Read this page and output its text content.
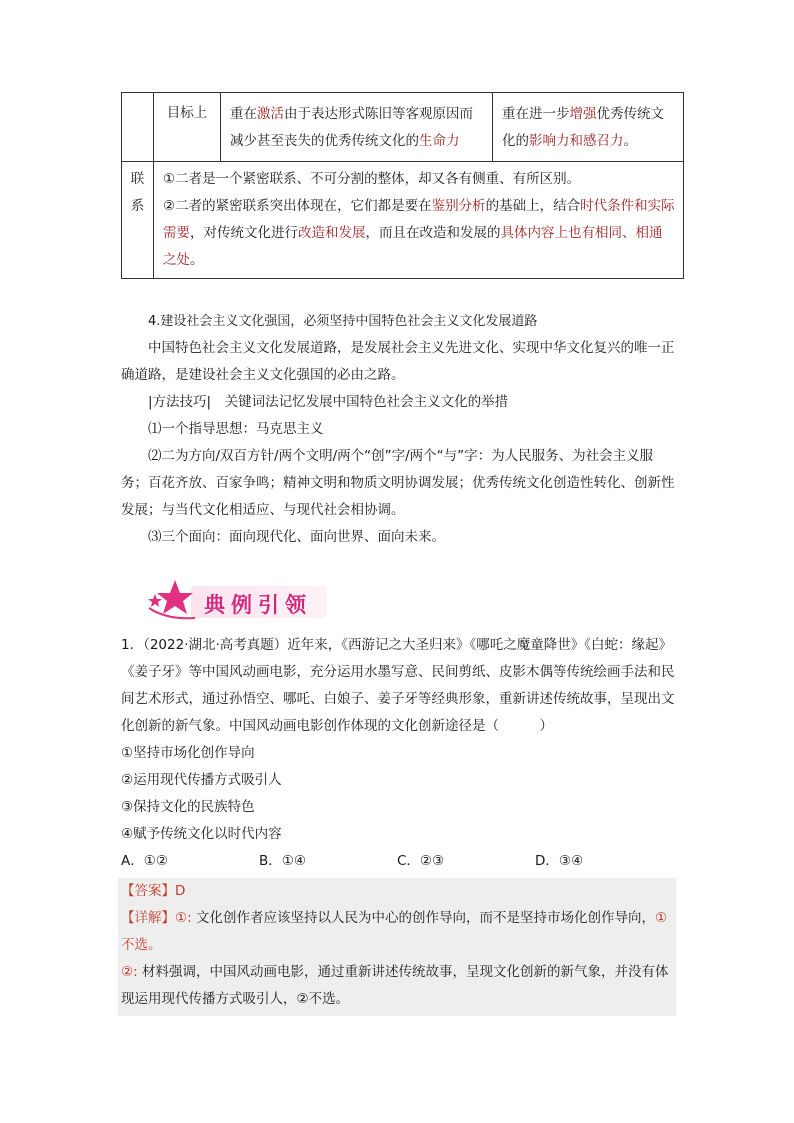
	目标上	重在激活由于表达形式陈旧等客观原因而减少甚至丧失的优秀传统文化的生命力	重在进一步增强优秀传统文化的影响力和感召力。

联系	①二者是一个紧密联系、不可分割的整体，却又各有侧重、有所区别。

②二者的紧密联系突出体现在，它们都是要在鉴别分析的基础上，结合时代条件和实际需要，对传统文化进行改造和发展，而且在改造和发展的具体内容上也有相同、相通之处。		

4.建设社会主义文化强国，必须坚持中国特色社会主义文化发展道路

中国特色社会主义文化发展道路，是发展社会主义先进文化、实现中华文化复兴的唯一正确道路，是建设社会主义文化强国的必由之路。

|方法技巧|　关键词法记忆发展中国特色社会主义文化的举措

⑴一个指导思想：马克思主义

⑵二为方向/双百方针/两个文明/两个“创”字/两个“与”字：为人民服务、为社会主义服务；百花齐放、百家争鸣；精神文明和物质文明协调发展；优秀传统文化创造性转化、创新性发展；与当代文化相适应、与现代社会相协调。

⑶三个面向：面向现代化、面向世界、面向未来。

典例引领

1．（2022·湖北·高考真题）近年来，《西游记之大圣归来》《哪吒之魔童降世》《白蛇：缘起》《姜子牙》等中国风动画电影，充分运用水墨写意、民间剪纸、皮影木偶等传统绘画手法和民间艺术形式，通过孙悟空、哪吒、白娘子、姜子牙等经典形象，重新讲述传统故事，呈现出文化创新的新气象。中国风动画电影创作体现的文化创新途径是（　　　）

①坚持市场化创作导向

②运用现代传播方式吸引人

③保持文化的民族特色

④赋予传统文化以时代内容

A．①②	B．①④	C．②③	D．③④

【答案】D

【详解】①: 文化创作者应该坚持以人民为中心的创作导向，而不是坚持市场化创作导向，①不选。

②: 材料强调，中国风动画电影，通过重新讲述传统故事，呈现文化创新的新气象，并没有体现运用现代传播方式吸引人，②不选。
